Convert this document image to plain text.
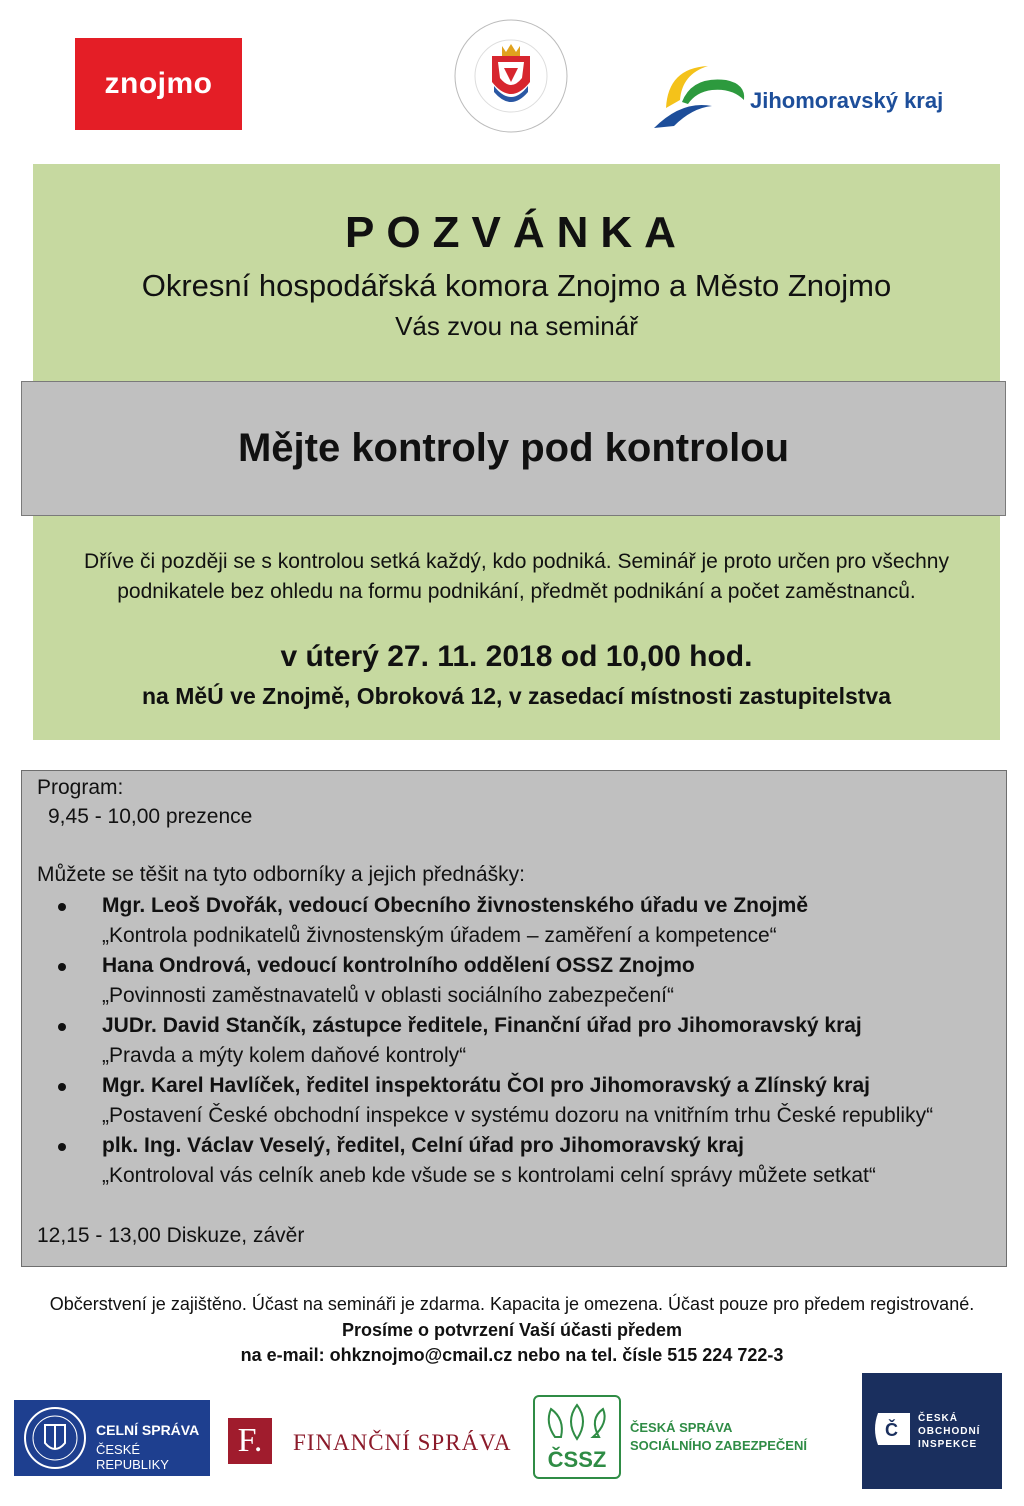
znojmo
Jihomoravský kraj
POZVÁNKA
Okresní hospodářská komora Znojmo a Město Znojmo
Vás zvou na seminář
Mějte kontroly pod kontrolou
Dříve či později se s kontrolou setká každý, kdo podniká. Seminář je proto určen pro všechny
podnikatele bez ohledu na formu podnikání, předmět podnikání a počet zaměstnanců.
v úterý 27. 11. 2018 od 10,00 hod.
na MěÚ ve Znojmě, Obroková 12, v zasedací místnosti zastupitelstva
Program:
9,45 - 10,00 prezence
Můžete se těšit na tyto odborníky a jejich přednášky:
Mgr. Leoš Dvořák, vedoucí Obecního živnostenského úřadu ve Znojmě
„Kontrola podnikatelů živnostenským úřadem – zaměření a kompetence“
Hana Ondrová, vedoucí kontrolního oddělení OSSZ Znojmo
„Povinnosti zaměstnavatelů v oblasti sociálního zabezpečení“
JUDr. David Stančík, zástupce ředitele, Finanční úřad pro Jihomoravský kraj
„Pravda a mýty kolem daňové kontroly“
Mgr. Karel Havlíček, ředitel inspektorátu ČOI pro Jihomoravský a Zlínský kraj
„Postavení České obchodní inspekce v systému dozoru na vnitřním trhu České republiky“
plk. Ing. Václav Veselý, ředitel, Celní úřad pro Jihomoravský kraj
„Kontroloval vás celník aneb kde všude se s kontrolami celní správy můžete setkat“
12,15 - 13,00 Diskuze, závěr
Občerstvení je zajištěno. Účast na semináři je zdarma. Kapacita je omezena. Účast pouze pro předem registrované.
Prosíme o potvrzení Vaší účasti předem
na e-mail: ohkznojmo@cmail.cz nebo na tel. čísle 515 224 722-3
CELNÍ SPRÁVA
ČESKÉ REPUBLIKY
F. FINANČNÍ SPRÁVA
ČSSZ
ČESKÁ SPRÁVA
SOCIÁLNÍHO ZABEZPEČENÍ
Č
ČESKÁ
OBCHODNÍ
INSPEKCE
